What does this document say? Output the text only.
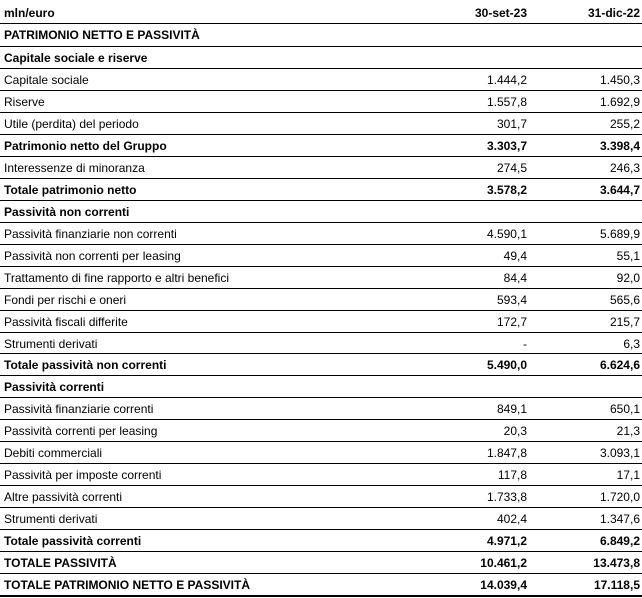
mln/euro	30-set-23	31-dic-22
PATRIMONIO NETTO E PASSIVITÀ
Capitale sociale e riserve
Capitale sociale	1.444,2	1.450,3
Riserve	1.557,8	1.692,9
Utile (perdita) del periodo	301,7	255,2
Patrimonio netto del Gruppo	3.303,7	3.398,4
Interessenze di minoranza	274,5	246,3
Totale patrimonio netto	3.578,2	3.644,7
Passività non correnti
Passività finanziarie non correnti	4.590,1	5.689,9
Passività non correnti per leasing	49,4	55,1
Trattamento di fine rapporto e altri benefici	84,4	92,0
Fondi per rischi e oneri	593,4	565,6
Passività fiscali differite	172,7	215,7
Strumenti derivati	-	6,3
Totale passività non correnti	5.490,0	6.624,6
Passività correnti
Passività finanziarie correnti	849,1	650,1
Passività correnti per leasing	20,3	21,3
Debiti commerciali	1.847,8	3.093,1
Passività per imposte correnti	117,8	17,1
Altre passività correnti	1.733,8	1.720,0
Strumenti derivati	402,4	1.347,6
Totale passività correnti	4.971,2	6.849,2
TOTALE PASSIVITÀ	10.461,2	13.473,8
TOTALE PATRIMONIO NETTO E PASSIVITÀ	14.039,4	17.118,5
